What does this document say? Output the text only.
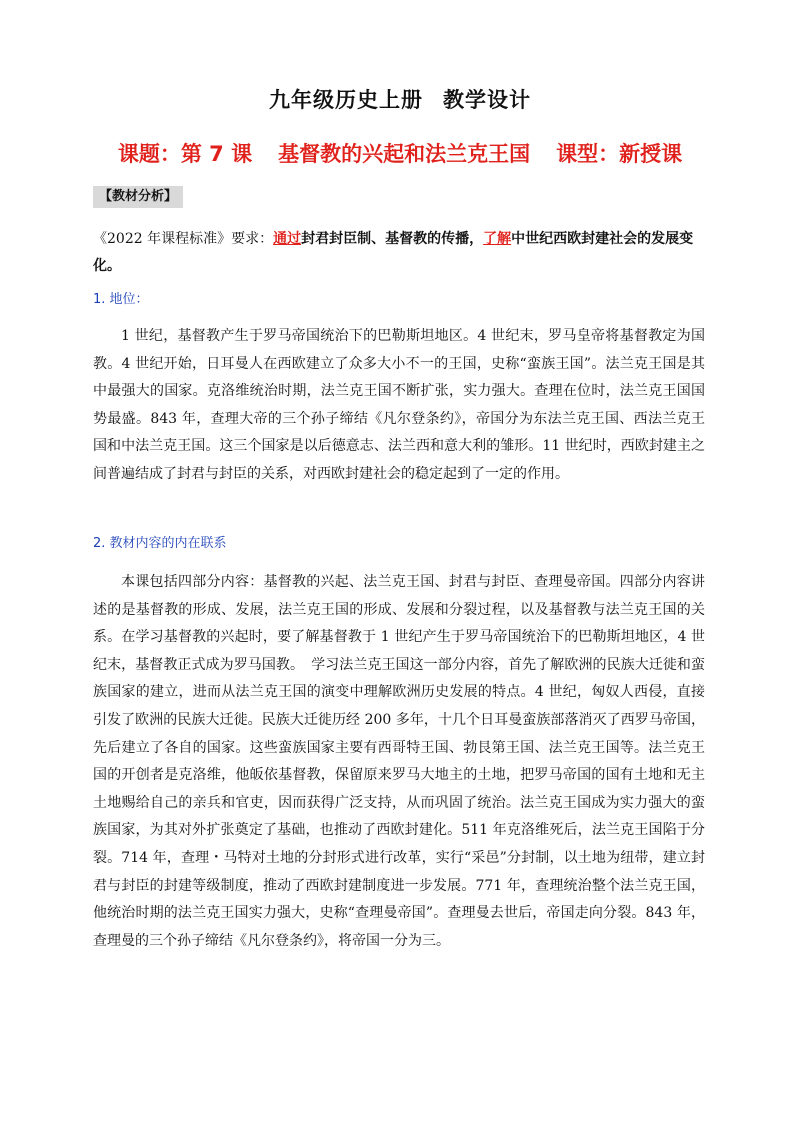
九年级历史上册 教学设计
课题：第 7 课 基督教的兴起和法兰克王国 课型：新授课
【教材分析】
《2022 年课程标准》要求：通过封君封臣制、基督教的传播，了解中世纪西欧封建社会的发展变化。
1. 地位：
1 世纪，基督教产生于罗马帝国统治下的巴勒斯坦地区。4 世纪末，罗马皇帝将基督教定为国教。4 世纪开始，日耳曼人在西欧建立了众多大小不一的王国，史称“蛮族王国”。法兰克王国是其中最强大的国家。克洛维统治时期，法兰克王国不断扩张，实力强大。查理在位时，法兰克王国国势最盛。843 年，查理大帝的三个孙子缔结《凡尔登条约》，帝国分为东法兰克王国、西法兰克王国和中法兰克王国。这三个国家是以后德意志、法兰西和意大利的雏形。11 世纪时，西欧封建主之间普遍结成了封君与封臣的关系，对西欧封建社会的稳定起到了一定的作用。
2. 教材内容的内在联系
本课包括四部分内容：基督教的兴起、法兰克王国、封君与封臣、查理曼帝国。四部分内容讲述的是基督教的形成、发展，法兰克王国的形成、发展和分裂过程，以及基督教与法兰克王国的关系。在学习基督教的兴起时，要了解基督教于 1 世纪产生于罗马帝国统治下的巴勒斯坦地区，4 世纪末，基督教正式成为罗马国教。　学习法兰克王国这一部分内容，首先了解欧洲的民族大迁徙和蛮族国家的建立，进而从法兰克王国的演变中理解欧洲历史发展的特点。4 世纪，匈奴人西侵，直接引发了欧洲的民族大迁徙。民族大迁徙历经 200 多年，十几个日耳曼蛮族部落消灭了西罗马帝国，先后建立了各自的国家。这些蛮族国家主要有西哥特王国、勃艮第王国、法兰克王国等。法兰克王国的开创者是克洛维，他皈依基督教，保留原来罗马大地主的土地，把罗马帝国的国有土地和无主土地赐给自己的亲兵和官吏，因而获得广泛支持，从而巩固了统治。法兰克王国成为实力强大的蛮族国家，为其对外扩张奠定了基础，也推动了西欧封建化。511 年克洛维死后，法兰克王国陷于分裂。714 年，查理・马特对土地的分封形式进行改革，实行“采邑”分封制，以土地为纽带，建立封君与封臣的封建等级制度，推动了西欧封建制度进一步发展。771 年，查理统治整个法兰克王国，他统治时期的法兰克王国实力强大，史称“查理曼帝国”。查理曼去世后，帝国走向分裂。843 年，查理曼的三个孙子缔结《凡尔登条约》，将帝国一分为三。
